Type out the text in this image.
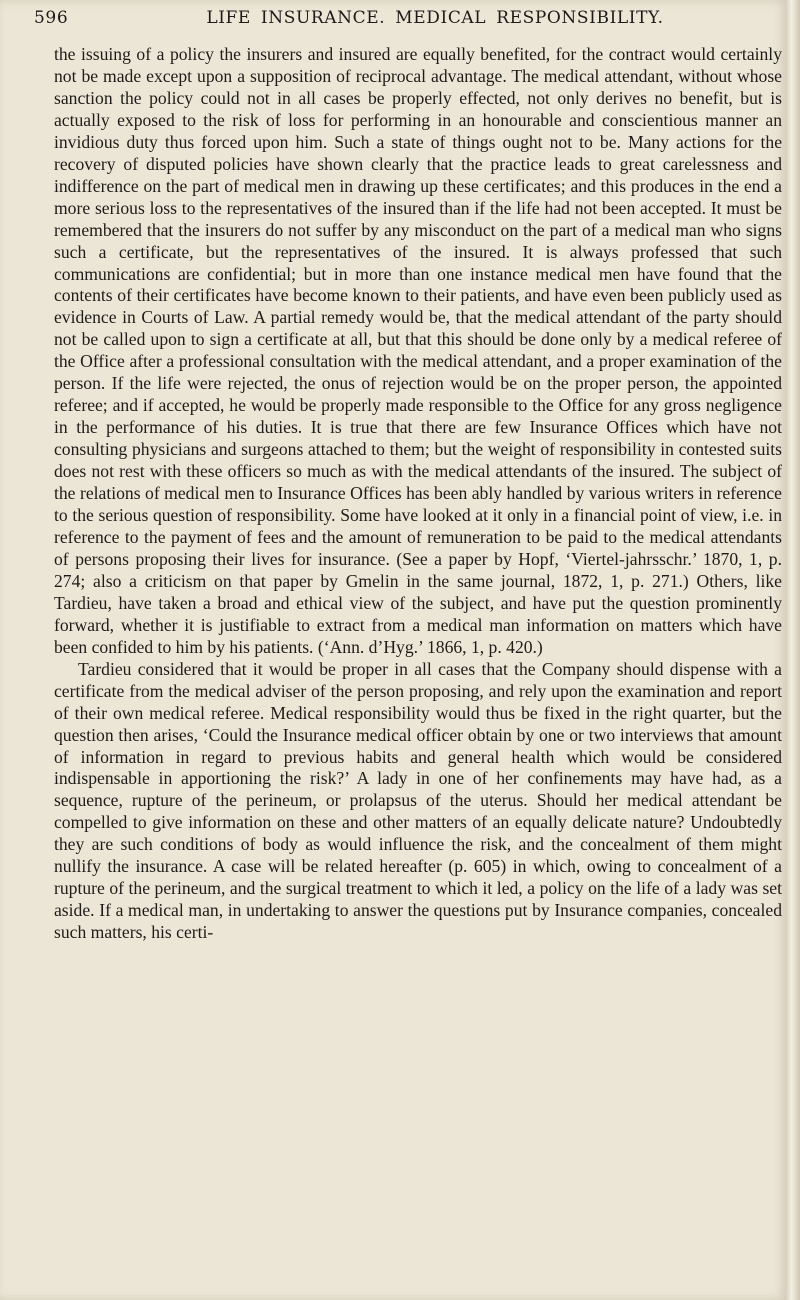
596	LIFE INSURANCE. MEDICAL RESPONSIBILITY.

the issuing of a policy the insurers and insured are equally benefited, for the contract would certainly not be made except upon a supposition of reciprocal advantage. The medical attendant, without whose sanction the policy could not in all cases be properly effected, not only derives no benefit, but is actually exposed to the risk of loss for performing in an honourable and conscientious manner an invidious duty thus forced upon him. Such a state of things ought not to be. Many actions for the recovery of disputed policies have shown clearly that the practice leads to great carelessness and indifference on the part of medical men in drawing up these certificates; and this produces in the end a more serious loss to the representatives of the insured than if the life had not been accepted. It must be remembered that the insurers do not suffer by any misconduct on the part of a medical man who signs such a certificate, but the representatives of the insured. It is always professed that such communications are confidential; but in more than one instance medical men have found that the contents of their certificates have become known to their patients, and have even been publicly used as evidence in Courts of Law. A partial remedy would be, that the medical attendant of the party should not be called upon to sign a certificate at all, but that this should be done only by a medical referee of the Office after a professional consultation with the medical attendant, and a proper examination of the person. If the life were rejected, the onus of rejection would be on the proper person, the appointed referee; and if accepted, he would be properly made responsible to the Office for any gross negligence in the performance of his duties. It is true that there are few Insurance Offices which have not consulting physicians and surgeons attached to them; but the weight of responsibility in contested suits does not rest with these officers so much as with the medical attendants of the insured. The subject of the relations of medical men to Insurance Offices has been ably handled by various writers in reference to the serious question of responsibility. Some have looked at it only in a financial point of view, i.e. in reference to the payment of fees and the amount of remuneration to be paid to the medical attendants of persons proposing their lives for insurance. (See a paper by Hopf, ‘Viertel-jahrsschr.’ 1870, 1, p. 274; also a criticism on that paper by Gmelin in the same journal, 1872, 1, p. 271.) Others, like Tardieu, have taken a broad and ethical view of the subject, and have put the question prominently forward, whether it is justifiable to extract from a medical man information on matters which have been confided to him by his patients. (‘Ann. d’Hyg.’ 1866, 1, p. 420.)

Tardieu considered that it would be proper in all cases that the Company should dispense with a certificate from the medical adviser of the person proposing, and rely upon the examination and report of their own medical referee. Medical responsibility would thus be fixed in the right quarter, but the question then arises, ‘Could the Insurance medical officer obtain by one or two interviews that amount of information in regard to previous habits and general health which would be considered indispensable in apportioning the risk?’ A lady in one of her confinements may have had, as a sequence, rupture of the perineum, or prolapsus of the uterus. Should her medical attendant be compelled to give information on these and other matters of an equally delicate nature? Undoubtedly they are such conditions of body as would influence the risk, and the concealment of them might nullify the insurance. A case will be related hereafter (p. 605) in which, owing to concealment of a rupture of the perineum, and the surgical treatment to which it led, a policy on the life of a lady was set aside. If a medical man, in undertaking to answer the questions put by Insurance companies, concealed such matters, his certi-
